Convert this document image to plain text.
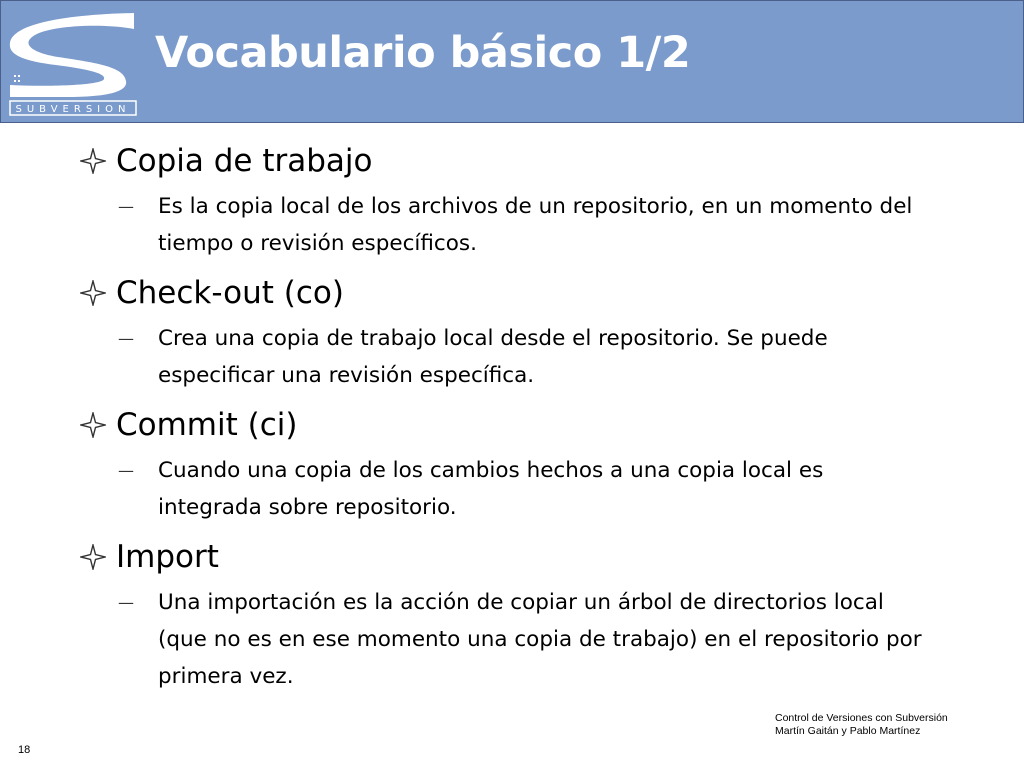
SUBVERSION
Vocabulario básico 1/2
Copia de trabajo
—	Es la copia local de los archivos de un repositorio, en un momento del tiempo o revisión específicos.
Check-out (co)
—	Crea una copia de trabajo local desde el repositorio. Se puede especificar una revisión específica.
Commit (ci)
—	Cuando una copia de los cambios hechos a una copia local es integrada sobre repositorio.
Import
—	Una importación es la acción de copiar un árbol de directorios local (que no es en ese momento una copia de trabajo) en el repositorio por primera vez.
Control de Versiones con Subversión
Martín Gaitán y Pablo Martínez
18
